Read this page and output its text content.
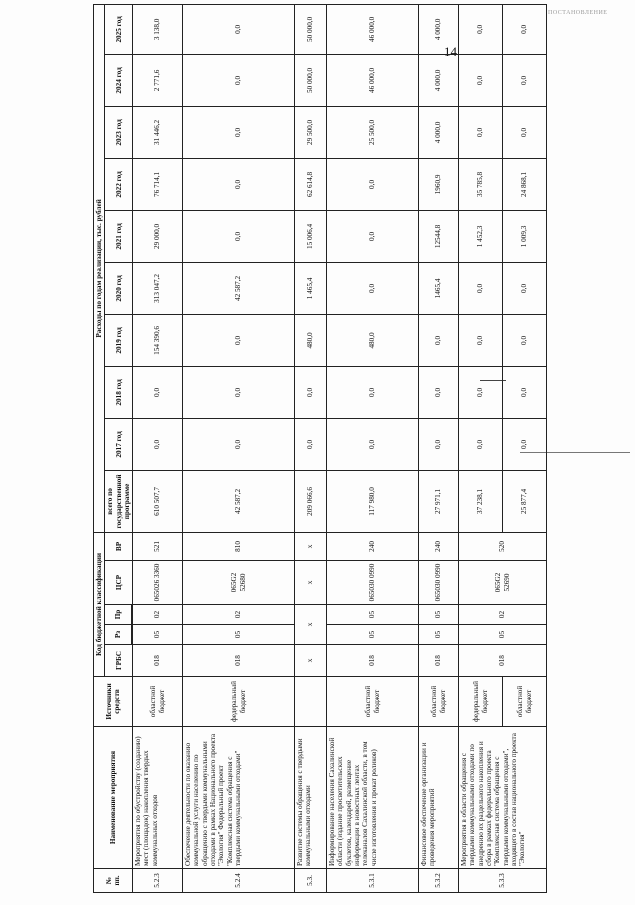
ПОСТАНОВЛЕНИЕ
14
№ пп.	Наименование мероприятия	Источники средств	Код бюджетной классификации					Расходы по годам реализации, тыс. рублей									
			ГРБС	Рз	Пр	ЦСР	ВР	всего по государственной программе	2017 год	2018 год	2019 год	2020 год	2021 год	2022 год	2023 год	2024 год	2025 год

5.2.3	Мероприятия по обустройству (созданию) мест (площадок) накопления твердых коммунальных отходов	областной бюджет	018	05	02	065026 3360	521	610 507,7	0,0	0,0	154 390,6	313 047,2	29 000,0	76 714,1	31 446,2	2 771,6	3 138,0
5.2.4	Обеспечение деятельности по оказанию коммунальной услуги населению по обращению с твердыми коммунальными отходами в рамках Национального проекта "Экология" Федеральный проект "Комплексная система обращения с твердыми коммунальными отходами"	федеральный бюджет	018	05	02	065G2 52680	810	42 587,2	0,0	0,0	0,0	42 587,2	0,0	0,0	0,0	0,0	0,0
5.3.	Развитие системы обращения с твердыми коммунальными отходами		х	х		х	х	209 066,6	0,0	0,0	480,0	1 465,4	15 006,4	62 614,8	29 500,0	50 000,0	50 000,0
5.3.1	Информирование населения Сахалинской области (издание просветительских буклетов, календарей, размещение информации в новостных лентах телеканалов Сахалинской области, в том числе изготовления и прокат роликов)	областной бюджет	018	05	05	065030 0990	240	117 980,0	0,0	0,0	480,0	0,0	0,0	0,0	25 500,0	46 000,0	46 000,0
5.3.2	Финансовое обеспечение организации и проведения мероприятий	областной бюджет	018	05	05	065030 0990	240	27 971,1	0,0	0,0	0,0	1465,4	12544,8	1960,9	4 000,0	4 000,0	4 000,0
5.3.3	Мероприятия в области обращения с твердыми коммунальными отходами по внедрению их раздельного накопления и сбора в рамках федерального проекта "Комплексная система обращения с твердыми коммунальными отходами", входящего в состав национального проекта "Экология"	федеральный бюджет	018	05	02	065G2 52690	520	37 238,1	0,0	0,0	0,0	0,0	1 452,3	35 785,8	0,0	0,0	0,0
		областной бюджет						25 877,4	0,0	0,0	0,0	0,0	1 009,3	24 868,1	0,0	0,0	0,0
